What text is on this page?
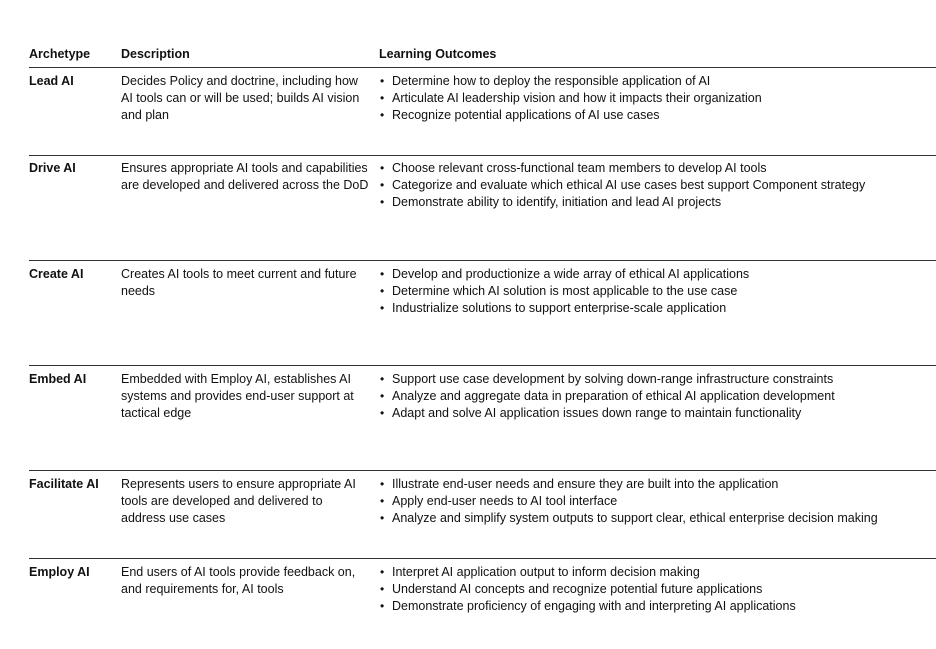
Archetype Description	Learning Outcomes
Lead AI	Decides Policy and doctrine, including how AI tools can or will be used; builds AI vision and plan
• Determine how to deploy the responsible application of AI
• Articulate AI leadership vision and how it impacts their organization
• Recognize potential applications of AI use cases
Drive AI	Ensures appropriate AI tools and capabilities are developed and delivered across the DoD
• Choose relevant cross-functional team members to develop AI tools
• Categorize and evaluate which ethical AI use cases best support Component strategy
• Demonstrate ability to identify, initiation and lead AI projects
Create AI	Creates AI tools to meet current and future needs
• Develop and productionize a wide array of ethical AI applications
• Determine which AI solution is most applicable to the use case
• Industrialize solutions to support enterprise-scale application
Embed AI	Embedded with Employ AI, establishes AI systems and provides end-user support at tactical edge
• Support use case development by solving down-range infrastructure constraints
• Analyze and aggregate data in preparation of ethical AI application development
• Adapt and solve AI application issues down range to maintain functionality
Facilitate AI	Represents users to ensure appropriate AI tools are developed and delivered to address use cases
• Illustrate end-user needs and ensure they are built into the application
• Apply end-user needs to AI tool interface
• Analyze and simplify system outputs to support clear, ethical enterprise decision making
Employ AI	End users of AI tools provide feedback on, and requirements for, AI tools
• Interpret AI application output to inform decision making
• Understand AI concepts and recognize potential future applications
• Demonstrate proficiency of engaging with and interpreting AI applications
